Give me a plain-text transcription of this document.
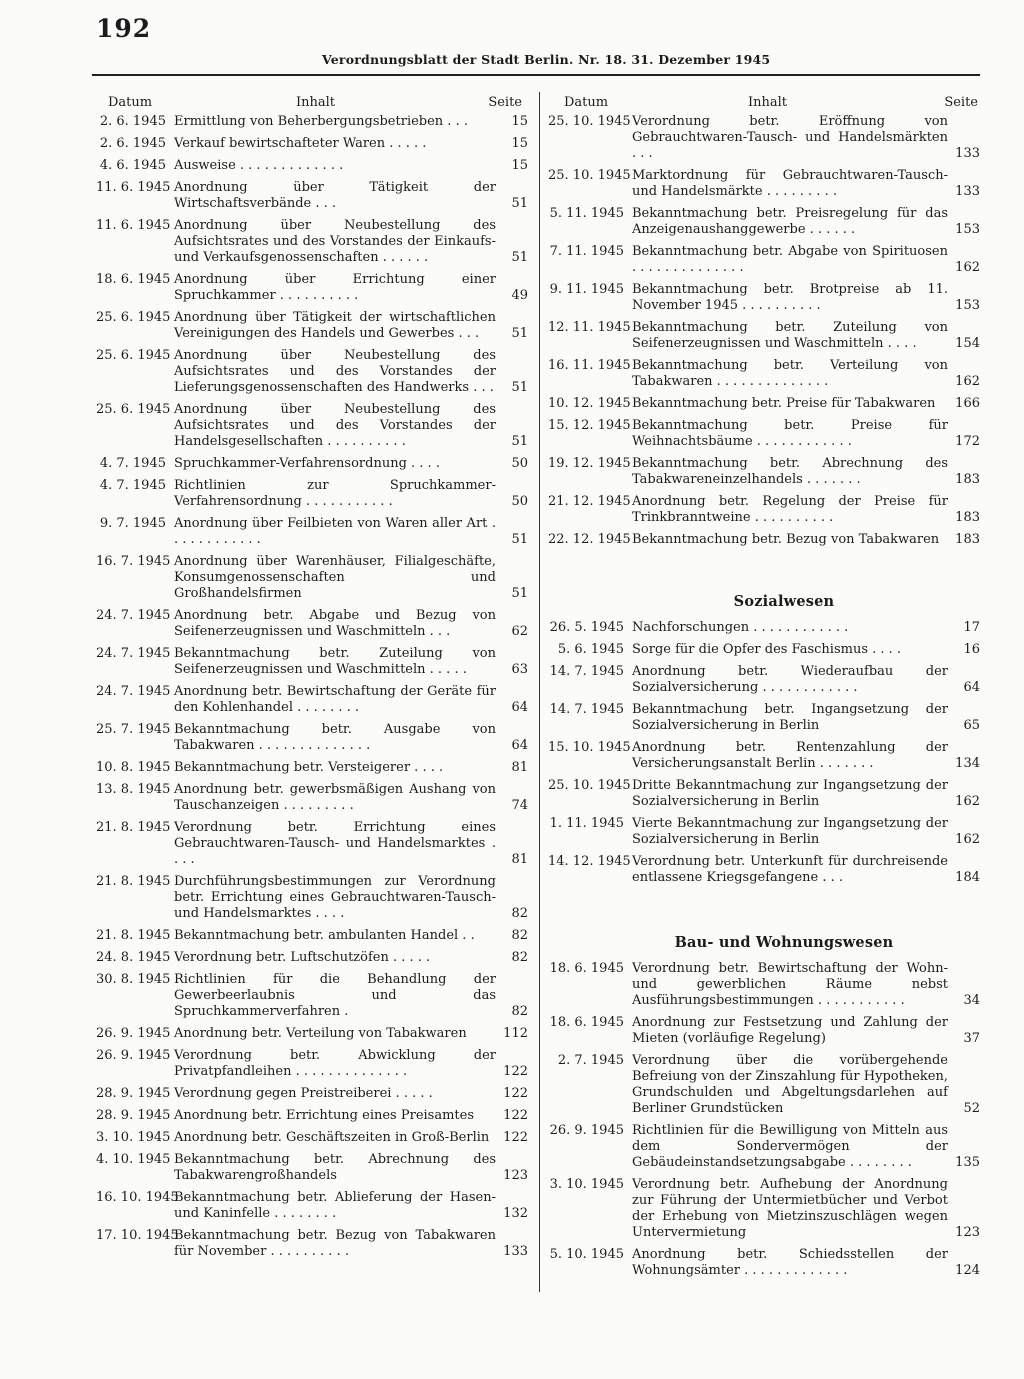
192
Verordnungsblatt der Stadt Berlin. Nr. 18. 31. Dezember 1945
Datum	Inhalt	Seite
2. 6. 1945 Ermittlung von Beherbergungsbetrieben . . .	15
2. 6. 1945 Verkauf bewirtschafteter Waren . . . . .	15
4. 6. 1945 Ausweise . . . . . . . . . . . . .	15
11. 6. 1945 Anordnung über Tätigkeit der Wirtschaftsverbände . . .	51
11. 6. 1945 Anordnung über Neubestellung des Aufsichtsrates und des Vorstandes der Einkaufs- und Verkaufsgenossenschaften . . . . . .	51
18. 6. 1945 Anordnung über Errichtung einer Spruchkammer . . . . . . . . . .	49
25. 6. 1945 Anordnung über Tätigkeit der wirtschaftlichen Vereinigungen des Handels und Gewerbes . . .	51
25. 6. 1945 Anordnung über Neubestellung des Aufsichtsrates und des Vorstandes der Lieferungsgenossenschaften des Handwerks . . .	51
25. 6. 1945 Anordnung über Neubestellung des Aufsichtsrates und des Vorstandes der Handelsgesellschaften . . . . . . . . . .	51
4. 7. 1945 Spruchkammer-Verfahrensordnung . . . .	50
4. 7. 1945 Richtlinien zur Spruchkammer-Verfahrensordnung . . . . . . . . . . .	50
9. 7. 1945 Anordnung über Feilbieten von Waren aller Art . . . . . . . . . . . .	51
16. 7. 1945 Anordnung über Warenhäuser, Filialgeschäfte, Konsumgenossenschaften und Großhandelsfirmen	51
24. 7. 1945 Anordnung betr. Abgabe und Bezug von Seifenerzeugnissen und Waschmitteln . . .	62
24. 7. 1945 Bekanntmachung betr. Zuteilung von Seifenerzeugnissen und Waschmitteln . . . . .	63
24. 7. 1945 Anordnung betr. Bewirtschaftung der Geräte für den Kohlenhandel . . . . . . . .	64
25. 7. 1945 Bekanntmachung betr. Ausgabe von Tabakwaren . . . . . . . . . . . . . .	64
10. 8. 1945 Bekanntmachung betr. Versteigerer . . . .	81
13. 8. 1945 Anordnung betr. gewerbsmäßigen Aushang von Tauschanzeigen . . . . . . . . .	74
21. 8. 1945 Verordnung betr. Errichtung eines Gebrauchtwaren-Tausch- und Handelsmarktes . . . .	81
21. 8. 1945 Durchführungsbestimmungen zur Verordnung betr. Errichtung eines Gebrauchtwaren-Tausch- und Handelsmarktes . . . .	82
21. 8. 1945 Bekanntmachung betr. ambulanten Handel . .	82
24. 8. 1945 Verordnung betr. Luftschutzöfen . . . . .	82
30. 8. 1945 Richtlinien für die Behandlung der Gewerbeerlaubnis und das Spruchkammerverfahren .	82
26. 9. 1945 Anordnung betr. Verteilung von Tabakwaren	112
26. 9. 1945 Verordnung betr. Abwicklung der Privatpfandleihen . . . . . . . . . . . . . .	122
28. 9. 1945 Verordnung gegen Preistreiberei . . . . .	122
28. 9. 1945 Anordnung betr. Errichtung eines Preisamtes	122
3. 10. 1945 Anordnung betr. Geschäftszeiten in Groß-Berlin	122
4. 10. 1945 Bekanntmachung betr. Abrechnung des Tabakwarengroßhandels	123
16. 10. 1945
Bekanntmachung betr. Ablieferung der Hasen- und Kaninfelle . . . . . . . .	132
17. 10. 1945
Bekanntmachung betr. Bezug von Tabakwaren für November . . . . . . . . . .	133
Datum	Inhalt	Seite
25. 10. 1945 Verordnung betr. Eröffnung von Gebrauchtwaren-Tausch- und Handelsmärkten . . .	133
25. 10. 1945 Marktordnung für Gebrauchtwaren-Tausch- und Handelsmärkte . . . . . . . . .	133
5. 11. 1945 Bekanntmachung betr. Preisregelung für das Anzeigenaushanggewerbe . . . . . .	153
7. 11. 1945 Bekanntmachung betr. Abgabe von Spirituosen . . . . . . . . . . . . . .	162
9. 11. 1945 Bekanntmachung betr. Brotpreise ab 11. November 1945 . . . . . . . . . .	153
12. 11. 1945 Bekanntmachung betr. Zuteilung von Seifenerzeugnissen und Waschmitteln . . . .	154
16. 11. 1945 Bekanntmachung betr. Verteilung von Tabakwaren . . . . . . . . . . . . . .	162
10. 12. 1945 Bekanntmachung betr. Preise für Tabakwaren	166
15. 12. 1945 Bekanntmachung betr. Preise für Weihnachtsbäume . . . . . . . . . . . .	172
19. 12. 1945 Bekanntmachung betr. Abrechnung des Tabakwareneinzelhandels . . . . . . .	183
21. 12. 1945 Anordnung betr. Regelung der Preise für Trinkbranntweine . . . . . . . . . .	183
22. 12. 1945 Bekanntmachung betr. Bezug von Tabakwaren	183
Sozialwesen
26. 5. 1945 Nachforschungen . . . . . . . . . . . .	17
5. 6. 1945 Sorge für die Opfer des Faschismus . . . .	16
14. 7. 1945 Anordnung betr. Wiederaufbau der Sozialversicherung . . . . . . . . . . . .	64
14. 7. 1945 Bekanntmachung betr. Ingangsetzung der Sozialversicherung in Berlin	65
15. 10. 1945 Anordnung betr. Rentenzahlung der Versicherungsanstalt Berlin . . . . . . .	134
25. 10. 1945 Dritte Bekanntmachung zur Ingangsetzung der Sozialversicherung in Berlin	162
1. 11. 1945 Vierte Bekanntmachung zur Ingangsetzung der Sozialversicherung in Berlin	162
14. 12. 1945 Verordnung betr. Unterkunft für durchreisende entlassene Kriegsgefangene . . .	184
Bau- und Wohnungswesen
18. 6. 1945 Verordnung betr. Bewirtschaftung der Wohn- und gewerblichen Räume nebst Ausführungsbestimmungen . . . . . . . . . . .	34
18. 6. 1945 Anordnung zur Festsetzung und Zahlung der Mieten (vorläufige Regelung)	37
2. 7. 1945 Verordnung über die vorübergehende Befreiung von der Zinszahlung für Hypotheken, Grundschulden und Abgeltungsdarlehen auf Berliner Grundstücken	52
26. 9. 1945 Richtlinien für die Bewilligung von Mitteln aus dem Sondervermögen der Gebäudeinstandsetzungsabgabe . . . . . . . .	135
3. 10. 1945 Verordnung betr. Aufhebung der Anordnung zur Führung der Untermietbücher und Verbot der Erhebung von Mietzinszuschlägen wegen Untervermietung	123
5. 10. 1945 Anordnung betr. Schiedsstellen der Wohnungsämter . . . . . . . . . . . . .	124
